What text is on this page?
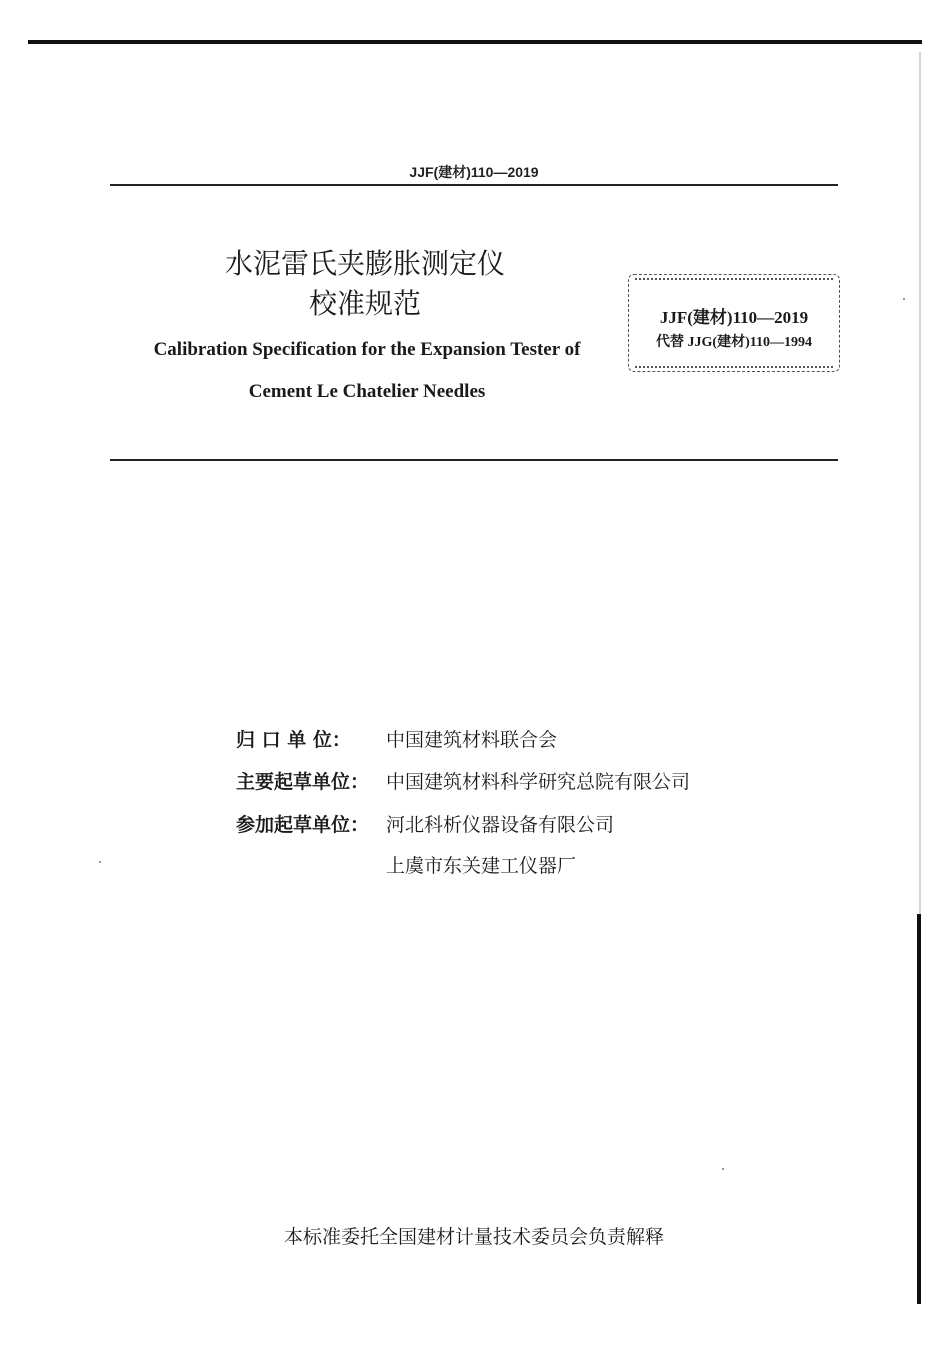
JJF(建材)110—2019
水泥雷氏夹膨胀测定仪
校准规范
Calibration Specification for the Expansion Tester of
Cement Le Chatelier Needles
JJF(建材)110—2019
代替 JJG(建材)110—1994
归 口 单 位： 中国建筑材料联合会
主要起草单位： 中国建筑材料科学研究总院有限公司
参加起草单位： 河北科析仪器设备有限公司
上虞市东关建工仪器厂
本标准委托全国建材计量技术委员会负责解释
